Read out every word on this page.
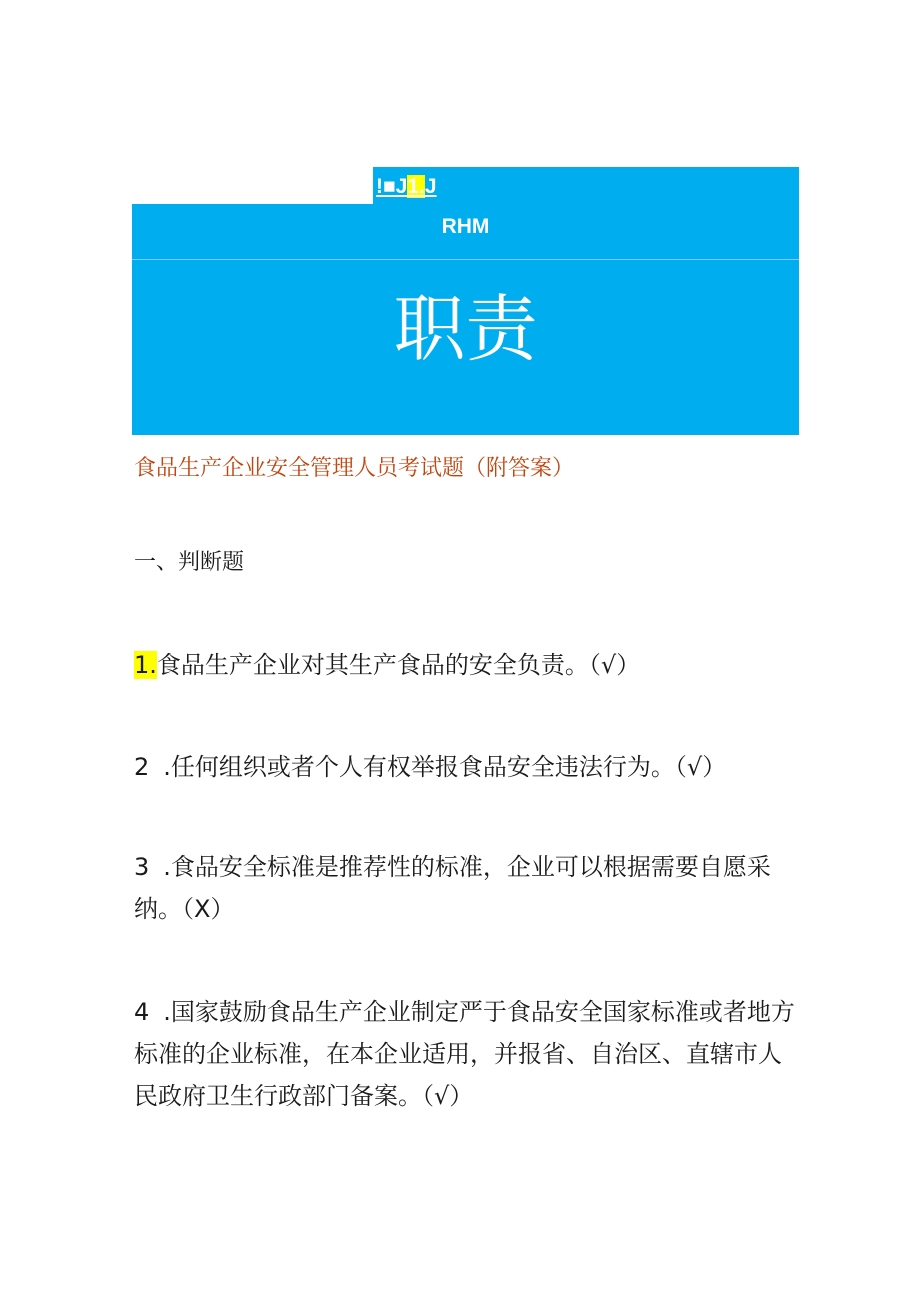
!■J1.J
RHM
职责
食品生产企业安全管理人员考试题（附答案）
一、判断题
1.食品生产企业对其生产食品的安全负责。（√）
2 .任何组织或者个人有权举报食品安全违法行为。（√）
3 .食品安全标准是推荐性的标准，企业可以根据需要自愿采纳。（X）
4 .国家鼓励食品生产企业制定严于食品安全国家标准或者地方标准的企业标准，在本企业适用，并报省、自治区、直辖市人民政府卫生行政部门备案。（√）
